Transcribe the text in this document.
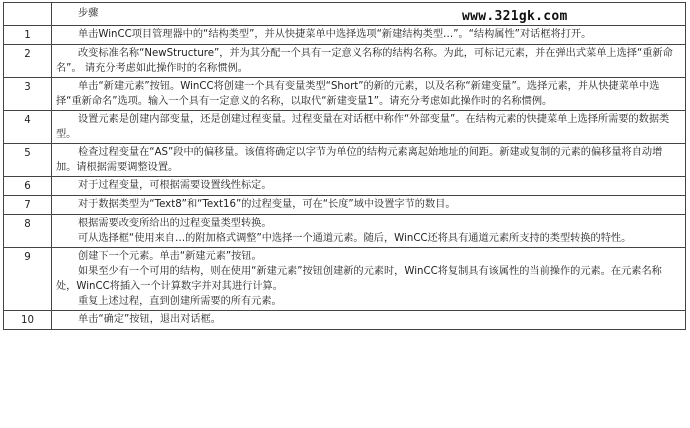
	步骤
1	单击WinCC项目管理器中的“结构类型”，并从快捷菜单中选择选项“新建结构类型…”。“结构属性”对话框将打开。

2	改变标准名称“NewStructure”，并为其分配一个具有一定意义名称的结构名称。为此，可标记元素，并在弹出式菜单上选择“重新命名”。 请充分考虑如此操作时的名称惯例。

3	单击“新建元素”按钮。WinCC将创建一个具有变量类型“Short”的新的元素，以及名称“新建变量”。选择元素，并从快捷菜单中选择“重新命名”选项。输入一个具有一定意义的名称，以取代“新建变量1”。请充分考虑如此操作时的名称惯例。

4	设置元素是创建内部变量，还是创建过程变量。过程变量在对话框中称作“外部变量”。在结构元素的快捷菜单上选择所需要的数据类型。

5	检查过程变量在“AS”段中的偏移量。该值将确定以字节为单位的结构元素离起始地址的间距。新建或复制的元素的偏移量将自动增加。请根据需要调整设置。

6	对于过程变量，可根据需要设置线性标定。

7	对于数据类型为“Text8”和“Text16”的过程变量，可在“长度”域中设置字节的数目。

8	根据需要改变所给出的过程变量类型转换。

可从选择框“使用来自…的附加格式调整”中选择一个通道元素。随后，WinCC还将具有通道元素所支持的类型转换的特性。

9	创建下一个元素。单击“新建元素”按钮。

如果至少有一个可用的结构，则在使用“新建元素”按钮创建新的元素时，WinCC将复制具有该属性的当前操作的元素。在元素名称处，WinCC将插入一个计算数字并对其进行计算。

重复上述过程，直到创建所需要的所有元素。

10	单击“确定”按钮，退出对话框。

www.321gk.com
